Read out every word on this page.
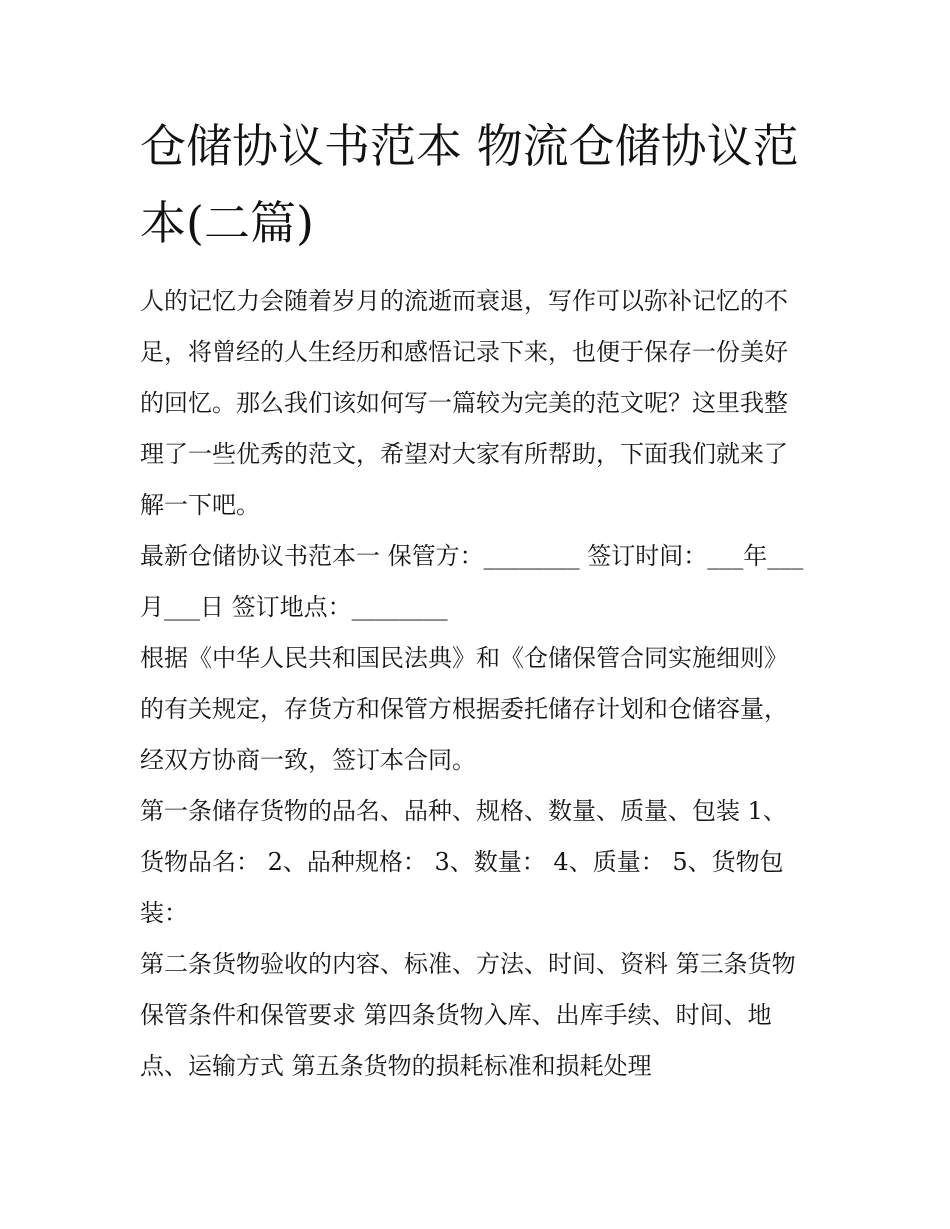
仓储协议书范本 物流仓储协议范本(二篇)

人的记忆力会随着岁月的流逝而衰退，写作可以弥补记忆的不足，将曾经的人生经历和感悟记录下来，也便于保存一份美好的回忆。那么我们该如何写一篇较为完美的范文呢？这里我整理了一些优秀的范文，希望对大家有所帮助，下面我们就来了解一下吧。

最新仓储协议书范本一 保管方：________ 签订时间：___年___月___日 签订地点：________

根据《中华人民共和国民法典》和《仓储保管合同实施细则》的有关规定，存货方和保管方根据委托储存计划和仓储容量，经双方协商一致，签订本合同。

第一条储存货物的品名、品种、规格、数量、质量、包装 1、货物品名： 2、品种规格： 3、数量： 4、质量： 5、货物包装：

第二条货物验收的内容、标准、方法、时间、资料 第三条货物保管条件和保管要求 第四条货物入库、出库手续、时间、地点、运输方式 第五条货物的损耗标准和损耗处理
